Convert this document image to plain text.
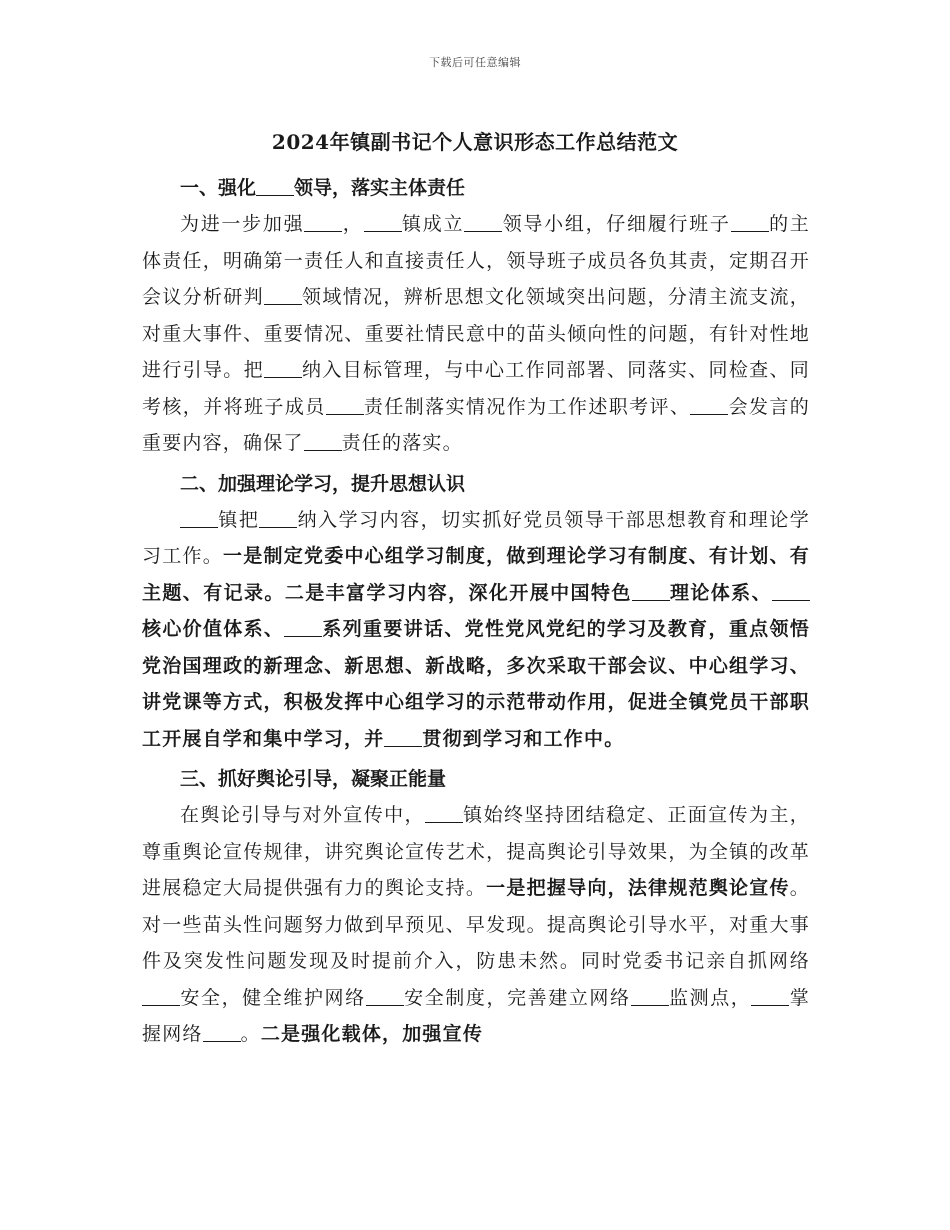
下载后可任意编辑
2024年镇副书记个人意识形态工作总结范文
一、强化 领导，落实主体责任

为进一步加强 ， 镇成立 领导小组，仔细履行班子 的主体责任，明确第一责任人和直接责任人，领导班子成员各负其责，定期召开会议分析研判 领域情况，辨析思想文化领域突出问题，分清主流支流，对重大事件、重要情况、重要社情民意中的苗头倾向性的问题，有针对性地进行引导。把 纳入目标管理，与中心工作同部署、同落实、同检查、同考核，并将班子成员 责任制落实情况作为工作述职考评、 会发言的重要内容，确保了 责任的落实。

二、加强理论学习，提升思想认识

镇把 纳入学习内容，切实抓好党员领导干部思想教育和理论学习工作。一是制定党委中心组学习制度，做到理论学习有制度、有计划、有主题、有记录。二是丰富学习内容，深化开展中国特色 理论体系、核心价值体系、 系列重要讲话、党性党风党纪的学习及教育，重点领悟党治国理政的新理念、新思想、新战略，多次采取干部会议、中心组学习、讲党课等方式，积极发挥中心组学习的示范带动作用，促进全镇党员干部职工开展自学和集中学习，并 贯彻到学习和工作中。

三、抓好舆论引导，凝聚正能量

在舆论引导与对外宣传中， 镇始终坚持团结稳定、正面宣传为主，尊重舆论宣传规律，讲究舆论宣传艺术，提高舆论引导效果，为全镇的改革进展稳定大局提供强有力的舆论支持。一是把握导向，法律规范舆论宣传。对一些苗头性问题努力做到早预见、早发现。提高舆论引导水平，对重大事件及突发性问题发现及时提前介入，防患未然。同时党委书记亲自抓网络安全，健全维护网络 安全制度，完善建立网络 监测点， 掌握网络 。二是强化载体，加强宣传
